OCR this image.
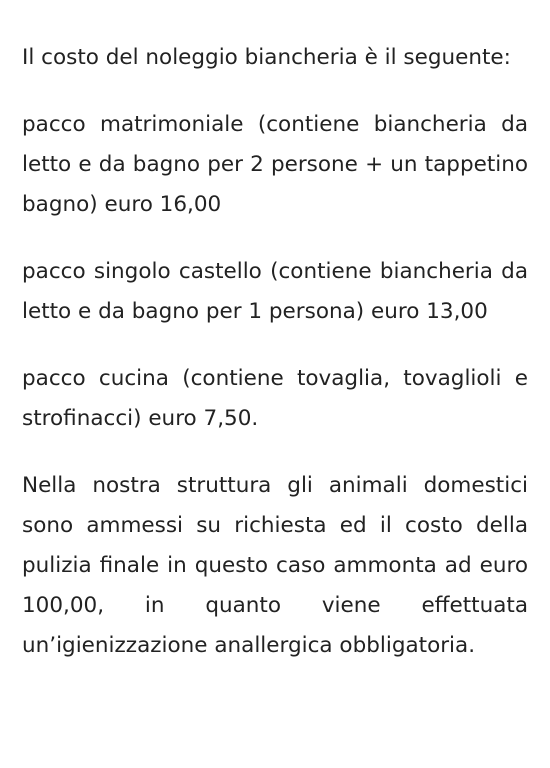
Il costo del noleggio biancheria è il seguente:

pacco matrimoniale (contiene biancheria da letto e da bagno per 2 persone + un tappetino bagno) euro 16,00

pacco singolo castello (contiene biancheria da letto e da bagno per 1 persona) euro 13,00

pacco cucina (contiene tovaglia, tovaglioli e strofinacci) euro 7,50.

Nella nostra struttura gli animali domestici sono ammessi su richiesta ed il costo della pulizia finale in questo caso ammonta ad euro 100,00, in quanto viene effettuata un’igienizzazione anallergica obbligatoria.
